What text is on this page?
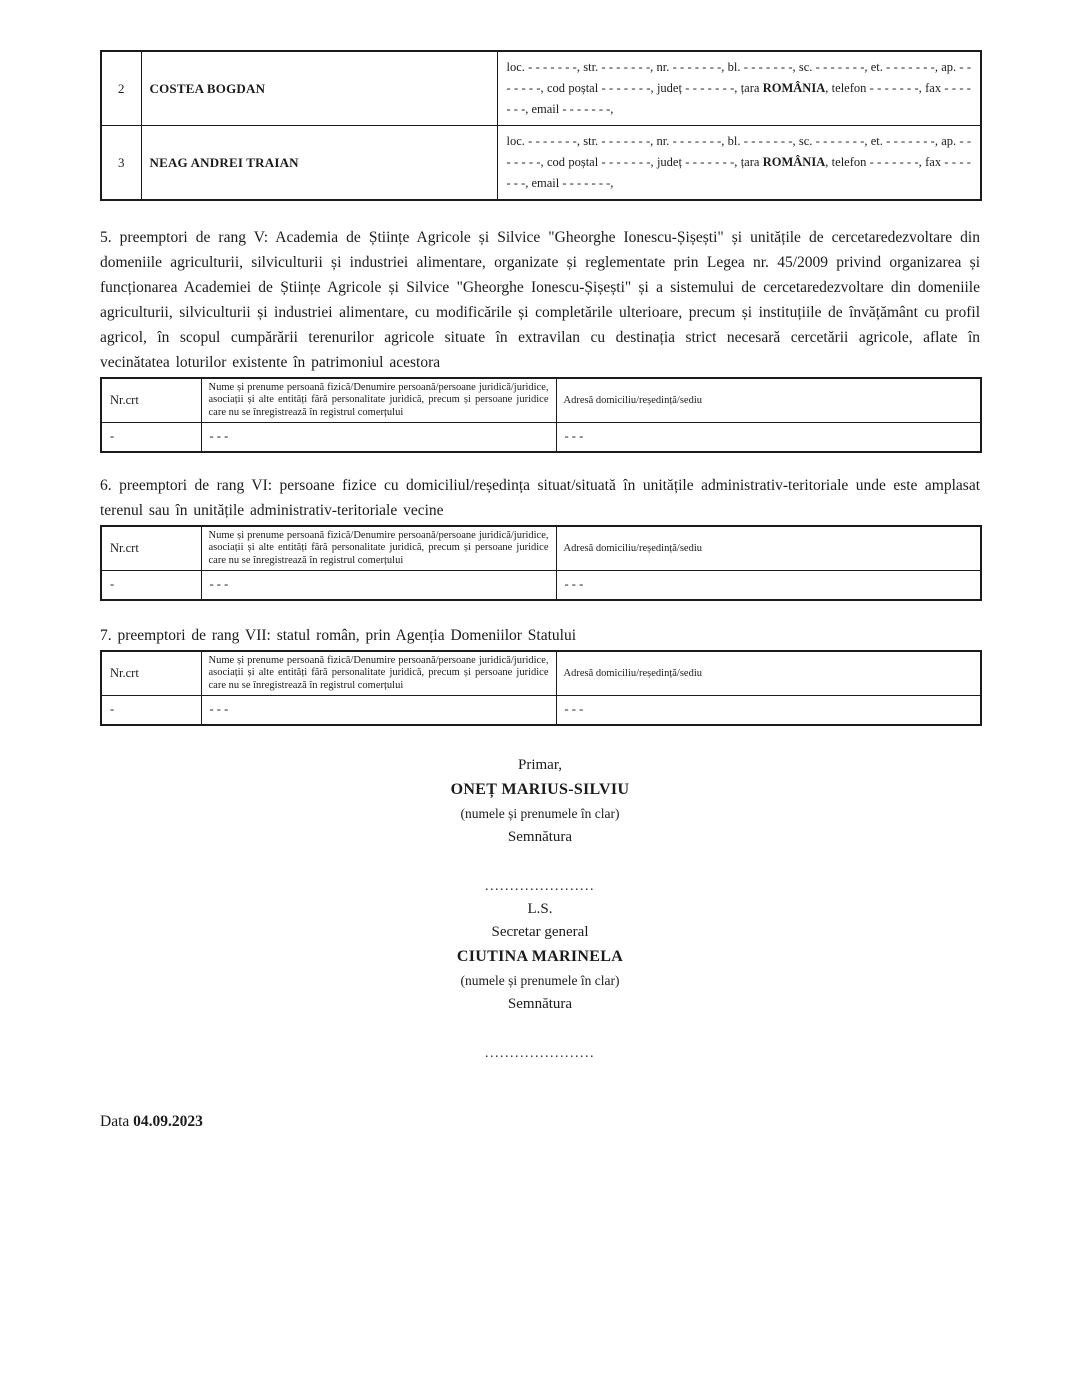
2	COSTEA BOGDAN	loc. - - - - - - -, str. - - - - - - -, nr. - - - - - - -, bl. - - - - - - -, sc. - - - - - - -, et. - - - - - - -, ap. - - - - - - -, cod poștal - - - - - - -, județ - - - - - - -, țara ROMÂNIA, telefon - - - - - - -, fax - - - - - - -, email - - - - - - -,
3	NEAG ANDREI TRAIAN	loc. - - - - - - -, str. - - - - - - -, nr. - - - - - - -, bl. - - - - - - -, sc. - - - - - - -, et. - - - - - - -, ap. - - - - - - -, cod poștal - - - - - - -, județ - - - - - - -, țara ROMÂNIA, telefon - - - - - - -, fax - - - - - - -, email - - - - - - -,

5. preemptori de rang V: Academia de Științe Agricole și Silvice "Gheorghe Ionescu-Șișești" și unitățile de cercetaredezvoltare din domeniile agriculturii, silviculturii și industriei alimentare, organizate și reglementate prin Legea nr. 45/2009 privind organizarea și funcționarea Academiei de Științe Agricole și Silvice "Gheorghe Ionescu-Șișești" și a sistemului de cercetaredezvoltare din domeniile agriculturii, silviculturii și industriei alimentare, cu modificările și completările ulterioare, precum și instituțiile de învățământ cu profil agricol, în scopul cumpărării terenurilor agricole situate în extravilan cu destinația strict necesară cercetării agricole, aflate în vecinătatea loturilor existente în patrimoniul acestora

Nr.crt	Nume și prenume persoană fizică/Denumire persoană/persoane juridică/juridice, asociații și alte entități fără personalitate juridică, precum și persoane juridice care nu se înregistrează în registrul comerțului	Adresă domiciliu/reședință/sediu
-	- - -	- - -

6. preemptori de rang VI: persoane fizice cu domiciliul/reședința situat/situată în unitățile administrativ-teritoriale unde este amplasat terenul sau în unitățile administrativ-teritoriale vecine

Nr.crt	Nume și prenume persoană fizică/Denumire persoană/persoane juridică/juridice, asociații și alte entități fără personalitate juridică, precum și persoane juridice care nu se înregistrează în registrul comerțului	Adresă domiciliu/reședință/sediu
-	- - -	- - -

7. preemptori de rang VII: statul român, prin Agenția Domeniilor Statului

Nr.crt	Nume și prenume persoană fizică/Denumire persoană/persoane juridică/juridice, asociații și alte entități fără personalitate juridică, precum și persoane juridice care nu se înregistrează în registrul comerțului	Adresă domiciliu/reședință/sediu
-	- - -	- - -
Primar,
ONEȚ MARIUS-SILVIU
(numele și prenumele în clar)
Semnătura
......................
L.S.
Secretar general
CIUTINA MARINELA
(numele și prenumele în clar)
Semnătura
......................
Data 04.09.2023
